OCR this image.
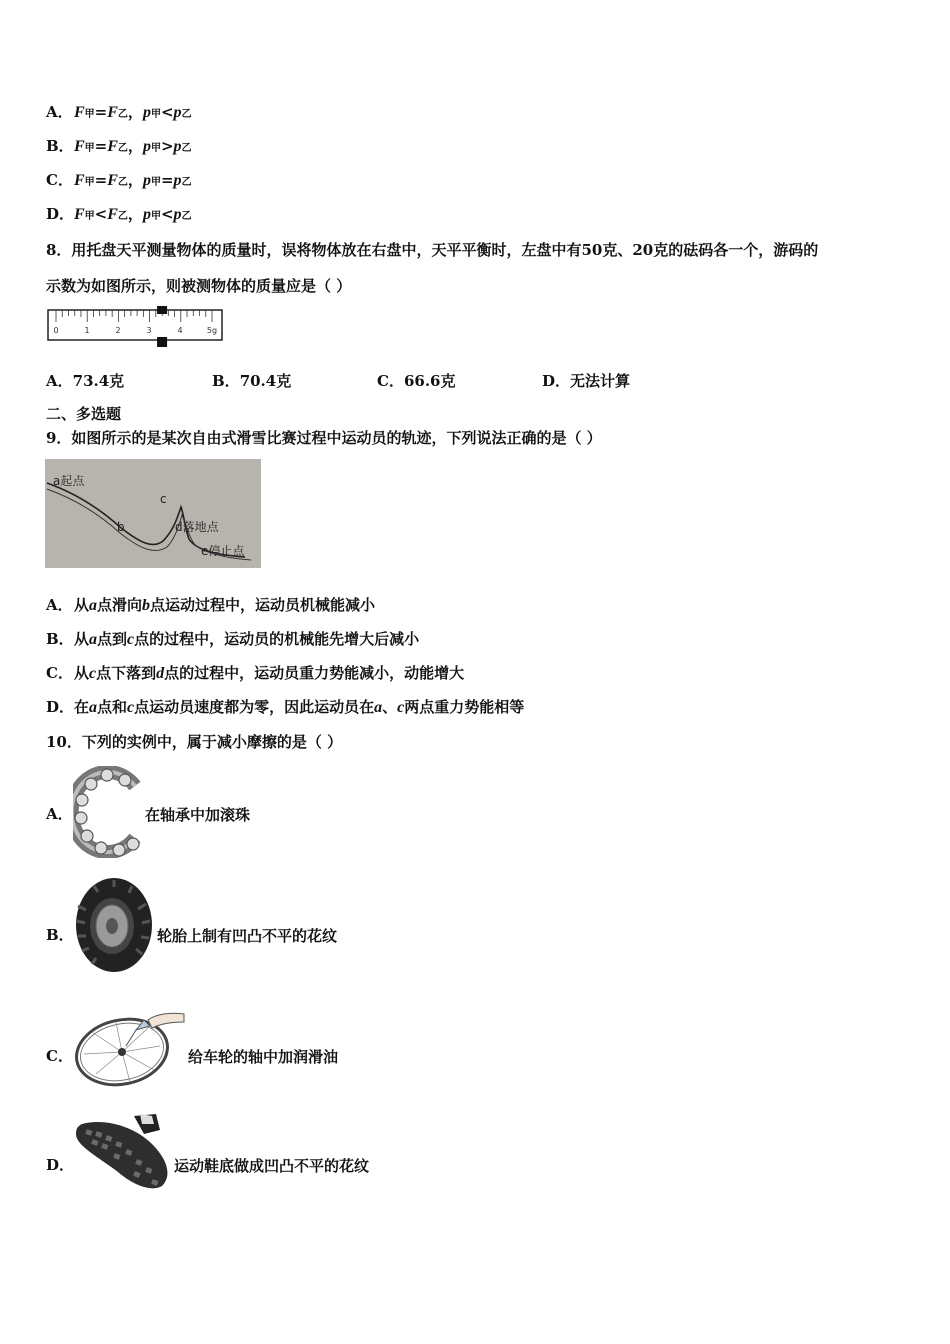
A．F甲=F乙，p甲<p乙
B．F甲=F乙，p甲>p乙
C．F甲=F乙，p甲=p乙
D．F甲<F乙，p甲<p乙
8．用托盘天平测量物体的质量时，误将物体放在右盘中，天平平衡时，左盘中有50克、20克的砝码各一个，游码的
示数为如图所示，则被测物体的质量应是（ ）
0	1	2	3	4	5g
A．73.4克	B．70.4克	C．66.6克	D．无法计算
二、多选题
9．如图所示的是某次自由式滑雪比赛过程中运动员的轨迹，下列说法正确的是（ ）
a起点
b
c
d落地点
e停止点
A．从a点滑向b点运动过程中，运动员机械能减小
B．从a点到c点的过程中，运动员的机械能先增大后减小
C．从c点下落到d点的过程中，运动员重力势能减小，动能增大
D．在a点和c点运动员速度都为零，因此运动员在a、c两点重力势能相等
10．下列的实例中，属于减小摩擦的是（ ）
A．	在轴承中加滚珠
B．	轮胎上制有凹凸不平的花纹
C．	给车轮的轴中加润滑油
D．	运动鞋底做成凹凸不平的花纹
